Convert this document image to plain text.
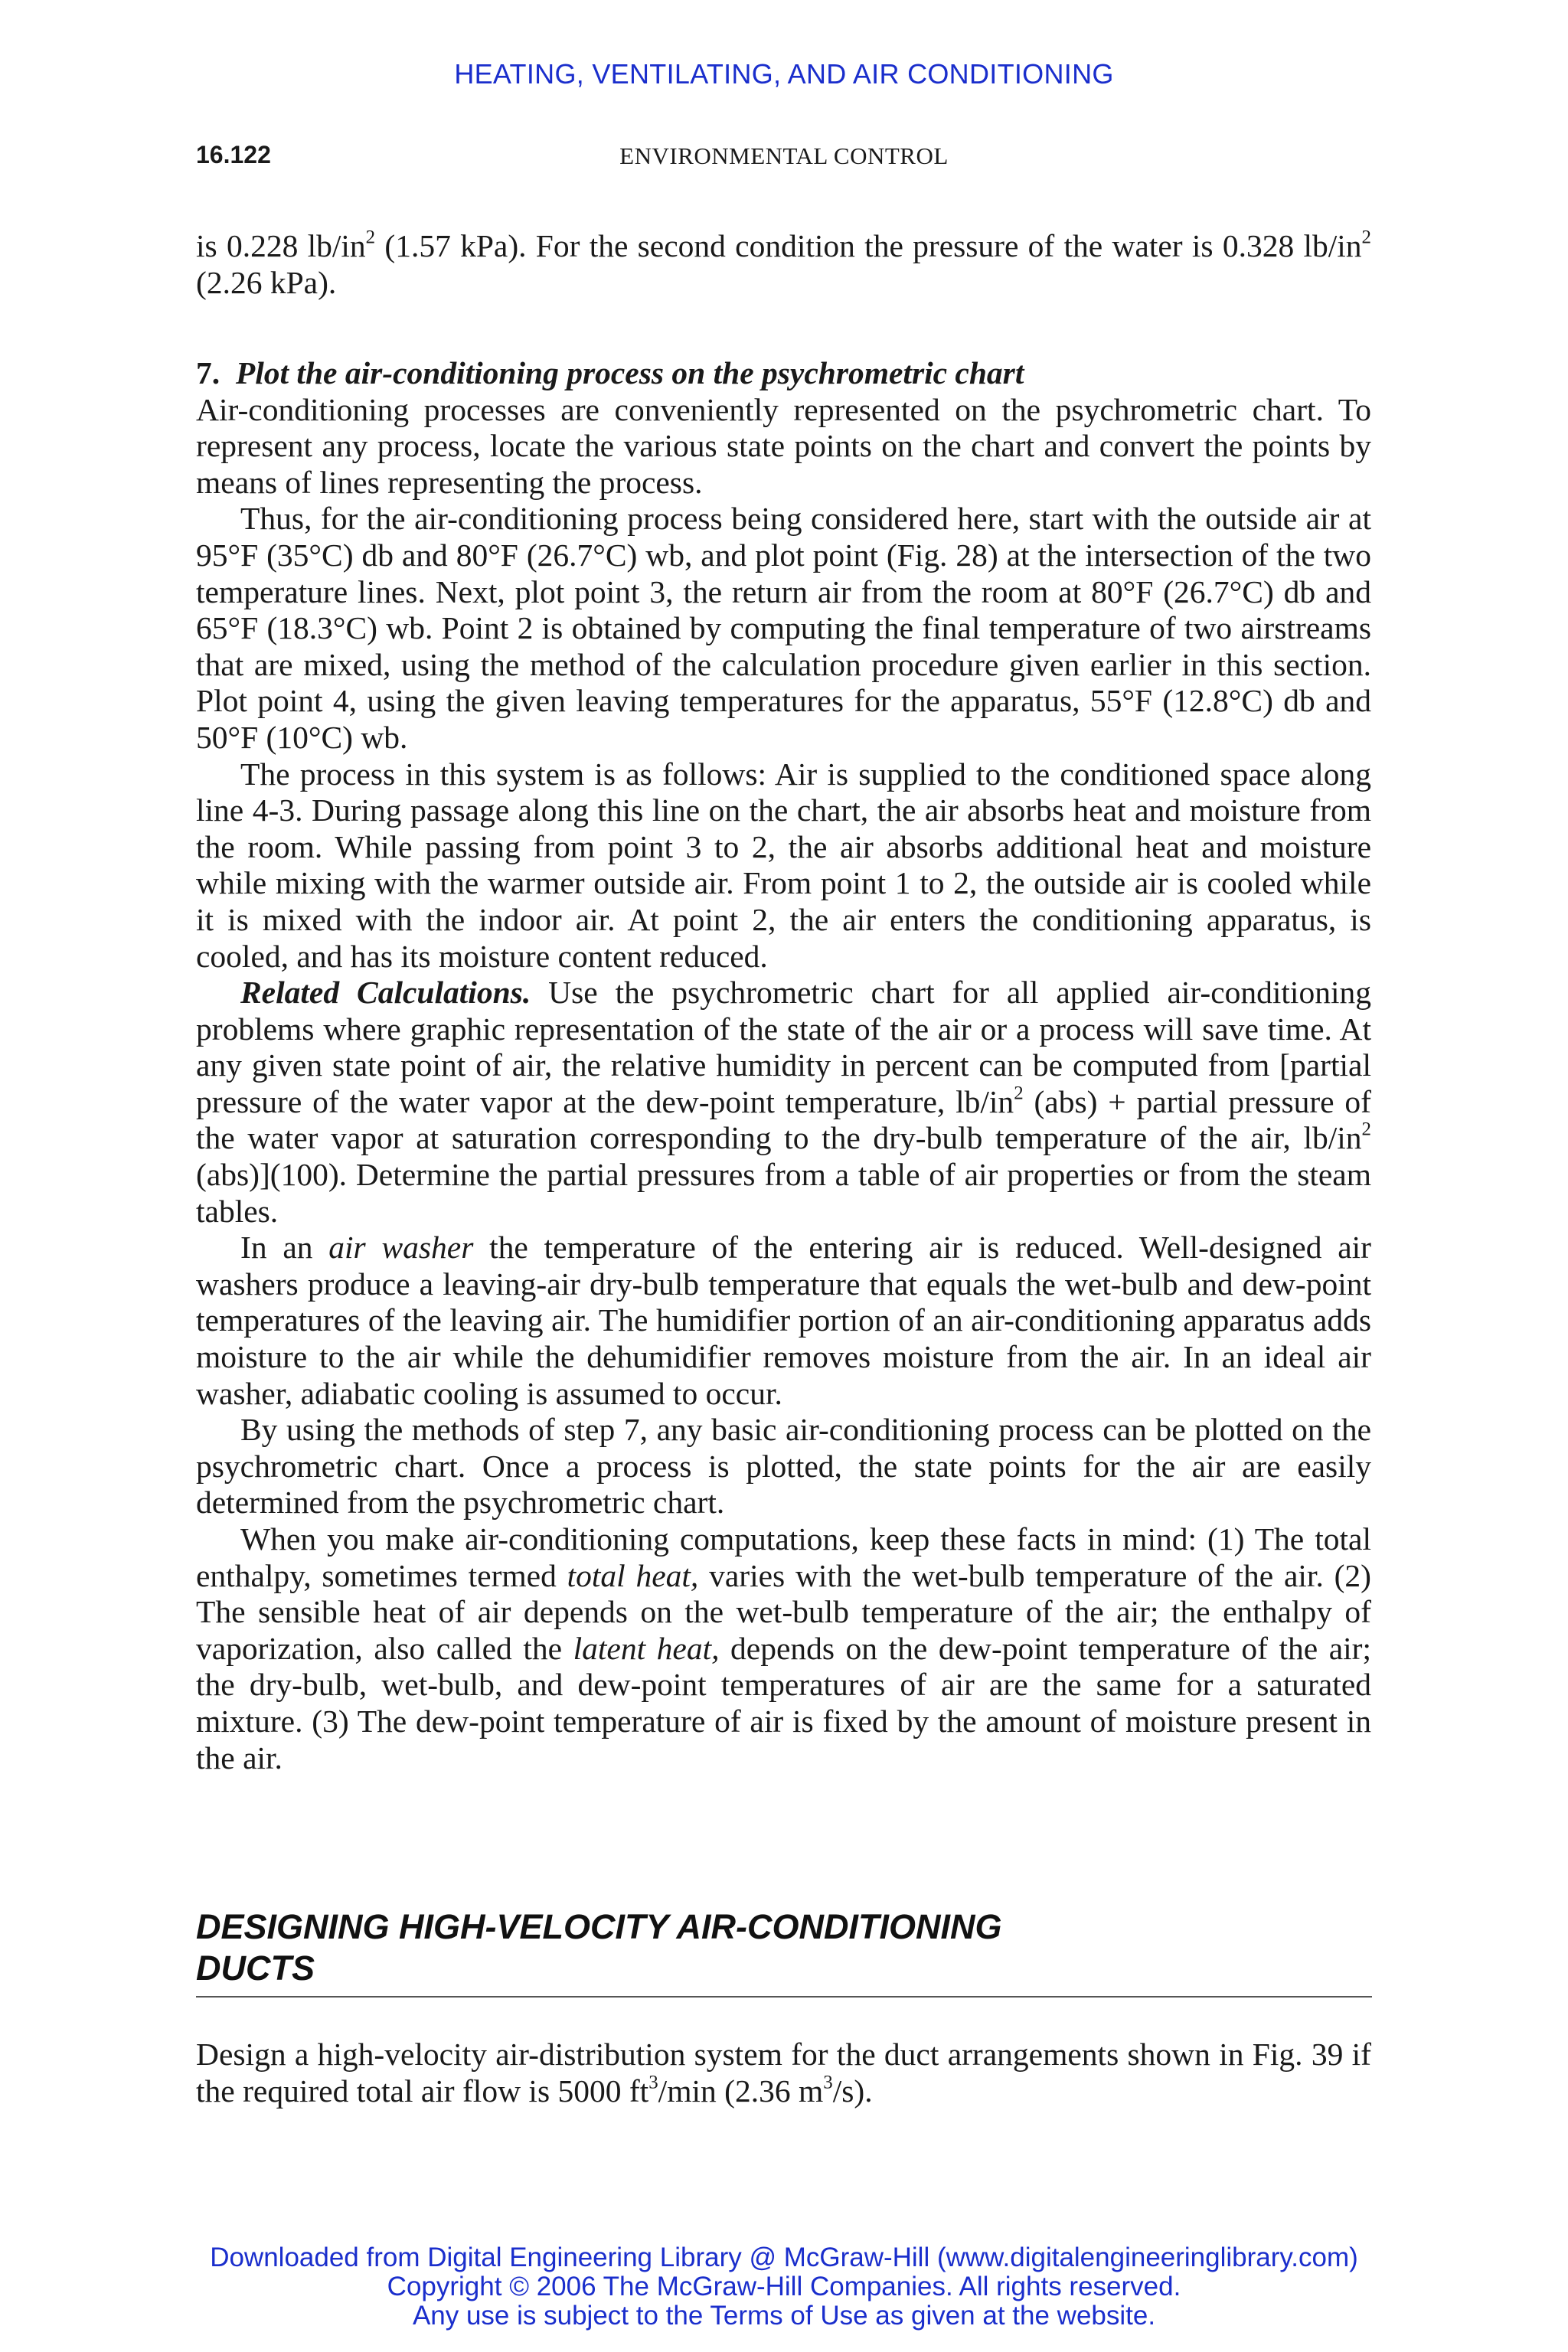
HEATING, VENTILATING, AND AIR CONDITIONING
16.122	ENVIRONMENTAL CONTROL

is 0.228 $lb/in^2$ (1.57 kPa). For the second condition the pressure of the water is 0.328 $lb/in^2$ (2.26 kPa).

7. Plot the air-conditioning process on the psychrometric chart

Air-conditioning processes are conveniently represented on the psychrometric chart. To represent any process, locate the various state points on the chart and convert the points by means of lines representing the process.

Thus, for the air-conditioning process being considered here, start with the outside air at 95°F (35°C) db and 80°F (26.7°C) wb, and plot point (Fig. 28) at the intersection of the two temperature lines. Next, plot point 3, the return air from the room at 80°F (26.7°C) db and 65°F (18.3°C) wb. Point 2 is obtained by computing the final temperature of two airstreams that are mixed, using the method of the calculation procedure given earlier in this section. Plot point 4, using the given leaving temperatures for the apparatus, 55°F (12.8°C) db and 50°F (10°C) wb.

The process in this system is as follows: Air is supplied to the conditioned space along line 4-3. During passage along this line on the chart, the air absorbs heat and moisture from the room. While passing from point 3 to 2, the air absorbs additional heat and moisture while mixing with the warmer outside air. From point 1 to 2, the outside air is cooled while it is mixed with the indoor air. At point 2, the air enters the conditioning apparatus, is cooled, and has its moisture content reduced.

Related Calculations. Use the psychrometric chart for all applied air-conditioning problems where graphic representation of the state of the air or a process will save time. At any given state point of air, the relative humidity in percent can be computed from [partial pressure of the water vapor at the dew-point temperature, $lb/in^2$ (abs) + partial pressure of the water vapor at saturation corresponding to the dry-bulb temperature of the air, $lb/in^2$ (abs)](100). Determine the partial pressures from a table of air properties or from the steam tables.

In an air washer the temperature of the entering air is reduced. Well-designed air washers produce a leaving-air dry-bulb temperature that equals the wet-bulb and dew-point temperatures of the leaving air. The humidifier portion of an air-conditioning apparatus adds moisture to the air while the dehumidifier removes moisture from the air. In an ideal air washer, adiabatic cooling is assumed to occur.

By using the methods of step 7, any basic air-conditioning process can be plotted on the psychrometric chart. Once a process is plotted, the state points for the air are easily determined from the psychrometric chart.

When you make air-conditioning computations, keep these facts in mind: (1) The total enthalpy, sometimes termed total heat, varies with the wet-bulb temperature of the air. (2) The sensible heat of air depends on the wet-bulb temperature of the air; the enthalpy of vaporization, also called the latent heat, depends on the dew-point temperature of the air; the dry-bulb, wet-bulb, and dew-point temperatures of air are the same for a saturated mixture. (3) The dew-point temperature of air is fixed by the amount of moisture present in the air.

DESIGNING HIGH-VELOCITY AIR-CONDITIONING
DUCTS

Design a high-velocity air-distribution system for the duct arrangements shown in Fig. 39 if the required total air flow is 5000 $ft^3/\min$ (2.36 $m^3/s$).

Downloaded from Digital Engineering Library @ McGraw-Hill (www.digitalengineeringlibrary.com)
Copyright © 2006 The McGraw-Hill Companies. All rights reserved.
Any use is subject to the Terms of Use as given at the website.
